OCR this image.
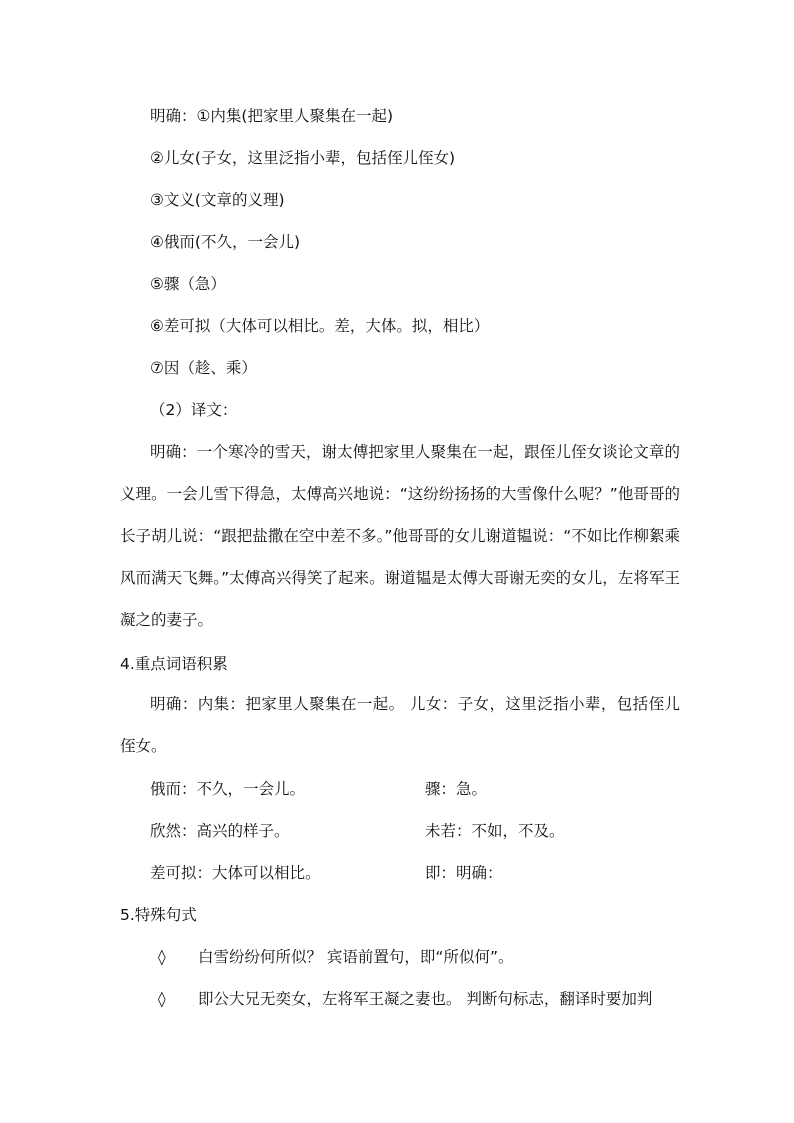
明确：①内集(把家里人聚集在一起)
②儿女(子女，这里泛指小辈，包括侄儿侄女)
③文义(文章的义理)
④俄而(不久，一会儿)
⑤骤（急）
⑥差可拟（大体可以相比。差，大体。拟，相比）
⑦因（趁、乘）
（2）译文：
明确：一个寒冷的雪天，谢太傅把家里人聚集在一起，跟侄儿侄女谈论文章的义理。一会儿雪下得急，太傅高兴地说：“这纷纷扬扬的大雪像什么呢？”他哥哥的长子胡儿说：“跟把盐撒在空中差不多。”他哥哥的女儿谢道韫说：“不如比作柳絮乘风而满天飞舞。”太傅高兴得笑了起来。谢道韫是太傅大哥谢无奕的女儿，左将军王凝之的妻子。
4.重点词语积累
明确：内集：把家里人聚集在一起。 儿女：子女，这里泛指小辈，包括侄儿侄女。
俄而：不久，一会儿。	骤：急。
欣然：高兴的样子。	未若：不如，不及。
差可拟：大体可以相比。	即：明确：
5.特殊句式
◊ 白雪纷纷何所似？ 宾语前置句，即“所似何”。
◊ 即公大兄无奕女，左将军王凝之妻也。 判断句标志，翻译时要加判
